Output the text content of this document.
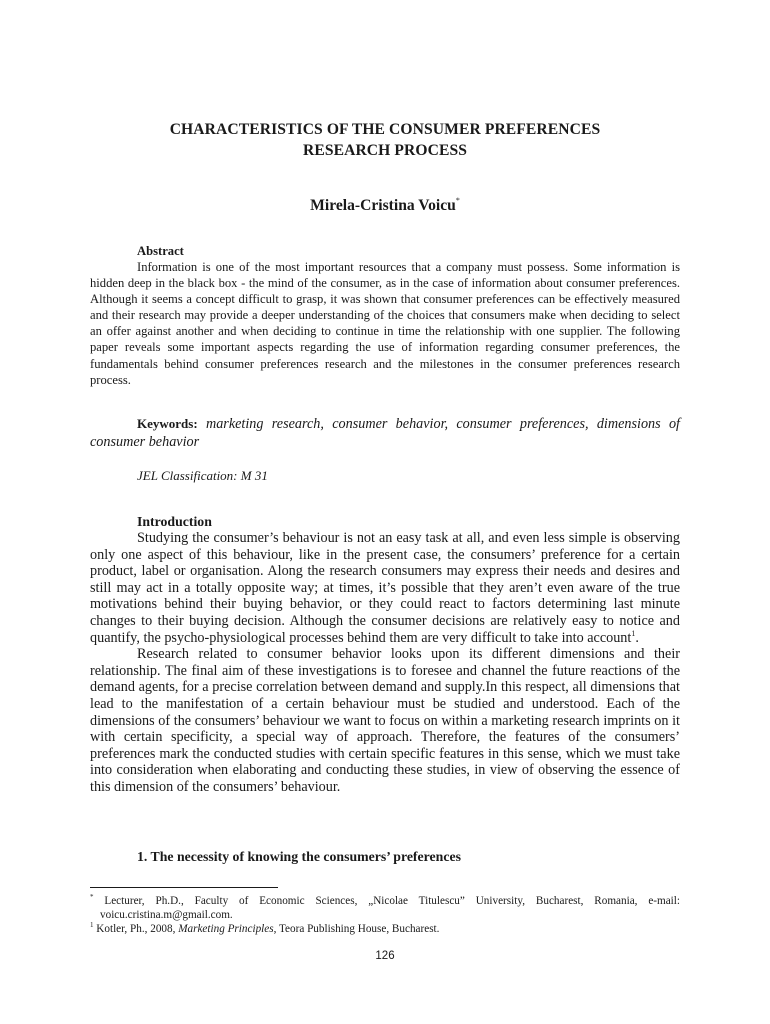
CHARACTERISTICS OF THE CONSUMER PREFERENCES
RESEARCH PROCESS
Mirela-Cristina Voicu*
Abstract
Information is one of the most important resources that a company must possess. Some information is hidden deep in the black box - the mind of the consumer, as in the case of information about consumer preferences. Although it seems a concept difficult to grasp, it was shown that consumer preferences can be effectively measured and their research may provide a deeper understanding of the choices that consumers make when deciding to select an offer against another and when deciding to continue in time the relationship with one supplier. The following paper reveals some important aspects regarding the use of information regarding consumer preferences, the fundamentals behind consumer preferences research and the milestones in the consumer preferences research process.
Keywords: marketing research, consumer behavior, consumer preferences, dimensions of consumer behavior
JEL Classification: M 31
Introduction

Studying the consumer’s behaviour is not an easy task at all, and even less simple is observing only one aspect of this behaviour, like in the present case, the consumers’ preference for a certain product, label or organisation. Along the research consumers may express their needs and desires and still may act in a totally opposite way; at times, it’s possible that they aren’t even aware of the true motivations behind their buying behavior, or they could react to factors determining last minute changes to their buying decision. Although the consumer decisions are relatively easy to notice and quantify, the psycho-physiological processes behind them are very difficult to take into account$^1$.

Research related to consumer behavior looks upon its different dimensions and their relationship. The final aim of these investigations is to foresee and channel the future reactions of the demand agents, for a precise correlation between demand and supply.In this respect, all dimensions that lead to the manifestation of a certain behaviour must be studied and understood. Each of the dimensions of the consumers’ behaviour we want to focus on within a marketing research imprints on it with certain specificity, a special way of approach. Therefore, the features of the consumers’ preferences mark the conducted studies with certain specific features in this sense, which we must take into consideration when elaborating and conducting these studies, in view of observing the essence of this dimension of the consumers’ behaviour.

1. The necessity of knowing the consumers’ preferences

* Lecturer, Ph.D., Faculty of Economic Sciences, „Nicolae Titulescu” University, Bucharest, Romania, e-mail: voicu.cristina.m@gmail.com.

$^1$ Kotler, Ph., 2008, Marketing Principles, Teora Publishing House, Bucharest.

126
